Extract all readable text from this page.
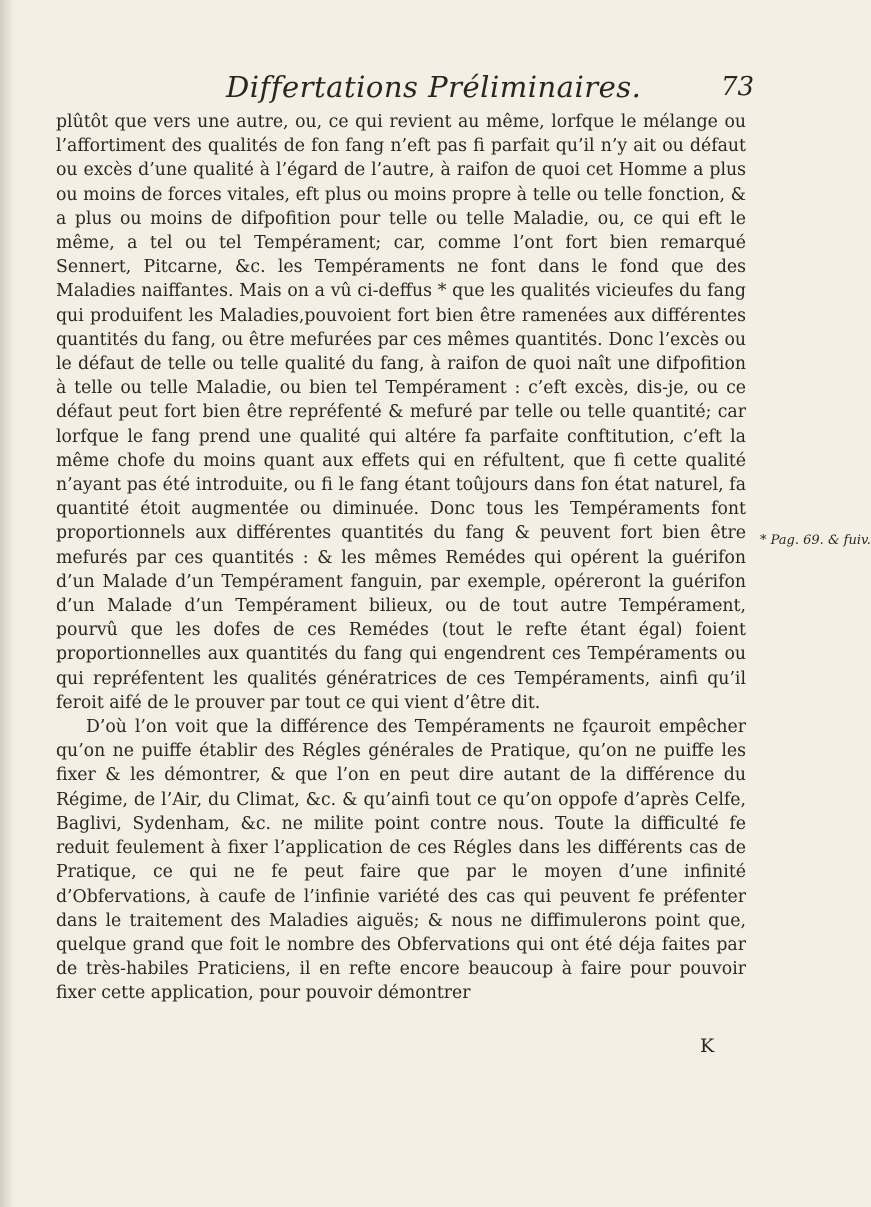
Differtations Préliminaires.	73

plûtôt que vers une autre, ou, ce qui revient au même, lorfque le mélange ou l’affortiment des qualités de fon fang n’eft pas fi parfait qu’il n’y ait ou défaut ou excès d’une qualité à l’égard de l’autre, à raifon de quoi cet Homme a plus ou moins de forces vitales, eft plus ou moins propre à telle ou telle fonction, & a plus ou moins de difpofition pour telle ou telle Maladie, ou, ce qui eft le même, a tel ou tel Tempérament; car, comme l’ont fort bien remarqué Sennert, Pitcarne, &c. les Tempéraments ne font dans le fond que des Maladies naiffantes. Mais on a vû ci-deffus * que les qualités vicieufes du fang qui produifent les Maladies,pouvoient fort bien être ramenées aux différentes quantités du fang, ou être mefurées par ces mêmes quantités. Donc l’excès ou le défaut de telle ou telle qualité du fang, à raifon de quoi naît une difpofition à telle ou telle Maladie, ou bien tel Tempérament : c’eft excès, dis-je, ou ce défaut peut fort bien être repréfenté & mefuré par telle ou telle quantité; car lorfque le fang prend une qualité qui altére fa parfaite conftitution, c’eft la même chofe du moins quant aux effets qui en réfultent, que fi cette qualité n’ayant pas été introduite, ou fi le fang étant toûjours dans fon état naturel, fa quantité étoit augmentée ou diminuée. Donc tous les Tempéraments font proportionnels aux différentes quantités du fang & peuvent fort bien être mefurés par ces quantités : & les mêmes Remédes qui opérent la guérifon d’un Malade d’un Tempérament fanguin, par exemple, opéreront la guérifon d’un Malade d’un Tempérament bilieux, ou de tout autre Tempérament, pourvû que les dofes de ces Remédes (tout le refte étant égal) foient proportionnelles aux quantités du fang qui engendrent ces Tempéraments ou qui repréfentent les qualités génératrices de ces Tempéraments, ainfi qu’il feroit aifé de le prouver par tout ce qui vient d’être dit.

D’où l’on voit que la différence des Tempéraments ne fçauroit empêcher qu’on ne puiffe établir des Régles générales de Pratique, qu’on ne puiffe les fixer & les démontrer, & que l’on en peut dire autant de la différence du Régime, de l’Air, du Climat, &c. & qu’ainfi tout ce qu’on oppofe d’après Celfe, Baglivi, Sydenham, &c. ne milite point contre nous. Toute la difficulté fe reduit feulement à fixer l’application de ces Régles dans les différents cas de Pratique, ce qui ne fe peut faire que par le moyen d’une infinité d’Obfervations, à caufe de l’infinie variété des cas qui peuvent fe préfenter dans le traitement des Maladies aiguës; & nous ne diffimulerons point que, quelque grand que foit le nombre des Obfervations qui ont été déja faites par de très-habiles Praticiens, il en refte encore beaucoup à faire pour pouvoir fixer cette application, pour pouvoir démontrer

* Pag. 69. & fuiv.
K
